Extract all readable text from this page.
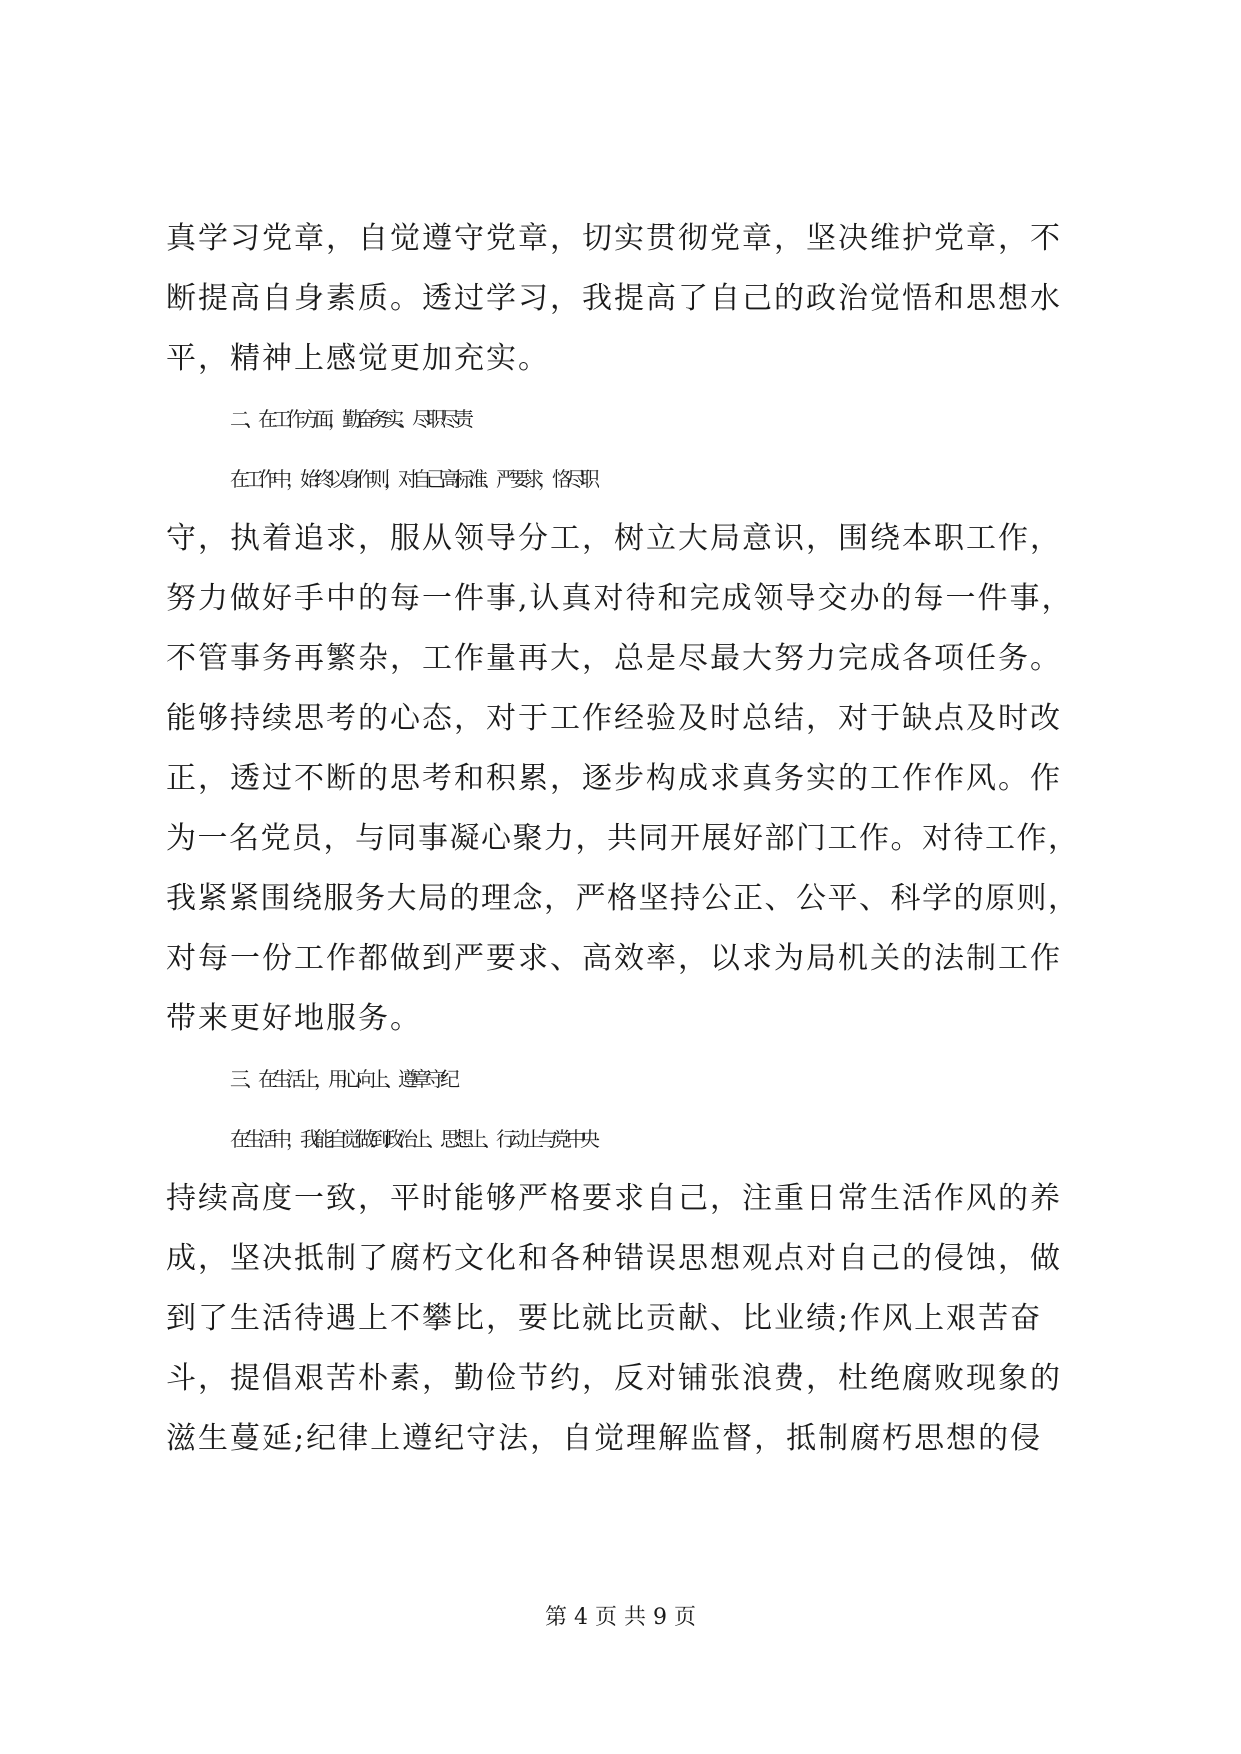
真学习党章，自觉遵守党章，切实贯彻党章，坚决维护党章，不
断提高自身素质。透过学习，我提高了自己的政治觉悟和思想水
平，精神上感觉更加充实。
二、在工作方面，勤奋务实、尽职尽责
在工作中，始终以身作则，对自己高标准、严要求，恪尽职
守，执着追求，服从领导分工，树立大局意识，围绕本职工作，
努力做好手中的每一件事,认真对待和完成领导交办的每一件事，
不管事务再繁杂，工作量再大，总是尽最大努力完成各项任务。
能够持续思考的心态，对于工作经验及时总结，对于缺点及时改
正，透过不断的思考和积累，逐步构成求真务实的工作作风。作
为一名党员，与同事凝心聚力，共同开展好部门工作。对待工作，
我紧紧围绕服务大局的理念，严格坚持公正、公平、科学的原则，
对每一份工作都做到严要求、高效率，以求为局机关的法制工作
带来更好地服务。
三、在生活上，用心向上、遵章守纪
在生活中，我能自觉做到政治上、思想上、行动上与党中央
持续高度一致，平时能够严格要求自己，注重日常生活作风的养
成，坚决抵制了腐朽文化和各种错误思想观点对自己的侵蚀，做
到了生活待遇上不攀比，要比就比贡献、比业绩;作风上艰苦奋
斗，提倡艰苦朴素，勤俭节约，反对铺张浪费，杜绝腐败现象的
滋生蔓延;纪律上遵纪守法，自觉理解监督，抵制腐朽思想的侵
第 4 页 共 9 页
